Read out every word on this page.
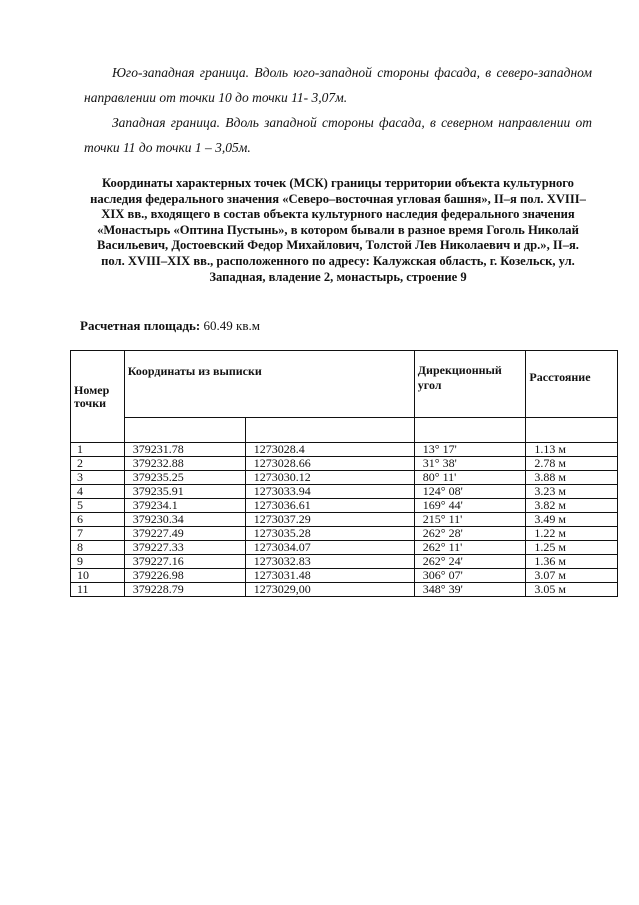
Юго-западная граница. Вдоль юго-западной стороны фасада, в северо-западном направлении от точки 10 до точки 11- 3,07м.

Западная граница. Вдоль западной стороны фасада, в северном направлении от точки 11 до точки 1 – 3,05м.

Координаты характерных точек (МСК) границы территории объекта культурного наследия федерального значения «Северо–восточная угловая башня», II–я пол. XVIII–XIX вв., входящего в состав объекта культурного наследия федерального значения «Монастырь «Оптина Пустынь», в котором бывали в разное время Гоголь Николай Васильевич, Достоевский Федор Михайлович, Толстой Лев Николаевич и др.», II–я. пол. XVIII–XIX вв., расположенного по адресу: Калужская область, г. Козельск, ул. Западная, владение 2, монастырь, строение 9

Расчетная площадь: 60.49 кв.м

Номер точки	Координаты из выписки		Дирекционный угол	Расстояние

1	379231.78	1273028.4	13° 17'	1.13 м
2	379232.88	1273028.66	31° 38'	2.78 м
3	379235.25	1273030.12	80° 11'	3.88 м
4	379235.91	1273033.94	124° 08'	3.23 м
5	379234.1	1273036.61	169° 44'	3.82 м
6	379230.34	1273037.29	215° 11'	3.49 м
7	379227.49	1273035.28	262° 28'	1.22 м
8	379227.33	1273034.07	262° 11'	1.25 м
9	379227.16	1273032.83	262° 24'	1.36 м
10	379226.98	1273031.48	306° 07'	3.07 м
11	379228.79	1273029,00	348° 39'	3.05 м
